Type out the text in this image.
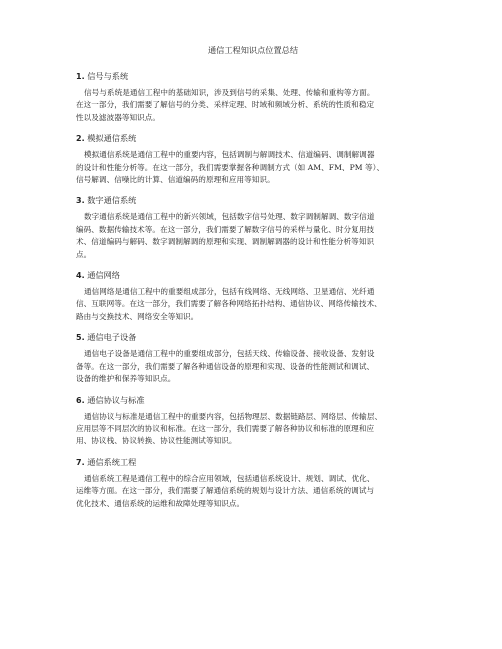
通信工程知识点位置总结
1. 信号与系统

信号与系统是通信工程中的基础知识，涉及到信号的采集、处理、传输和重构等方面。
在这一部分，我们需要了解信号的分类、采样定理、时域和频域分析、系统的性质和稳定
性以及滤波器等知识点。

2. 模拟通信系统

模拟通信系统是通信工程中的重要内容，包括调制与解调技术、信道编码、调制解调器
的设计和性能分析等。在这一部分，我们需要掌握各种调制方式（如 AM、FM、PM 等）、
信号解调、信噪比的计算、信道编码的原理和应用等知识。

3. 数字通信系统

数字通信系统是通信工程中的新兴领域，包括数字信号处理、数字调制解调、数字信道
编码、数据传输技术等。在这一部分，我们需要了解数字信号的采样与量化、时分复用技
术、信道编码与解码、数字调制解调的原理和实现、调制解调器的设计和性能分析等知识
点。

4. 通信网络

通信网络是通信工程中的重要组成部分，包括有线网络、无线网络、卫星通信、光纤通
信、互联网等。在这一部分，我们需要了解各种网络拓扑结构、通信协议、网络传输技术、
路由与交换技术、网络安全等知识。

5. 通信电子设备

通信电子设备是通信工程中的重要组成部分，包括天线、传输设备、接收设备、发射设
备等。在这一部分，我们需要了解各种通信设备的原理和实现、设备的性能测试和调试、
设备的维护和保养等知识点。

6. 通信协议与标准

通信协议与标准是通信工程中的重要内容，包括物理层、数据链路层、网络层、传输层、
应用层等不同层次的协议和标准。在这一部分，我们需要了解各种协议和标准的原理和应
用、协议栈、协议转换、协议性能测试等知识。

7. 通信系统工程

通信系统工程是通信工程中的综合应用领域，包括通信系统设计、规划、调试、优化、
运维等方面。在这一部分，我们需要了解通信系统的规划与设计方法、通信系统的调试与
优化技术、通信系统的运维和故障处理等知识点。
